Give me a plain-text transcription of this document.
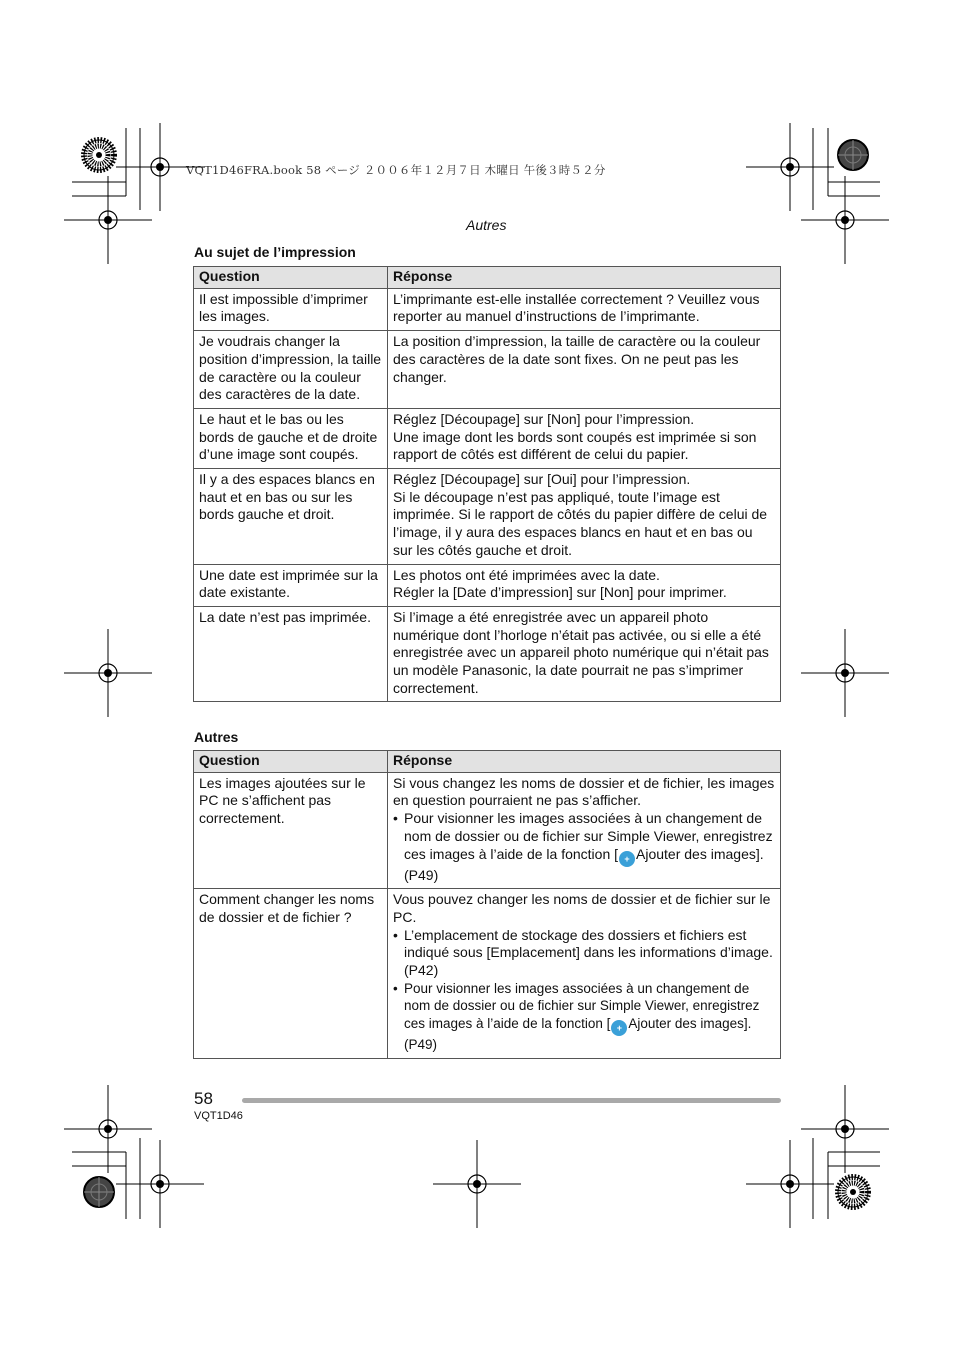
VQT1D46FRA.book 58 ページ ２００６年１２月７日 木曜日 午後３時５２分
Autres
Au sujet de l’impression
Question	Réponse
Il est impossible d’imprimer les images.	L’imprimante est-elle installée correctement ? Veuillez vous reporter au manuel d’instructions de l’imprimante.

Je voudrais changer la position d’impression, la taille de caractère ou la couleur des caractères de la date.	La position d’impression, la taille de caractère ou la couleur des caractères de la date sont fixes. On ne peut pas les changer.

Le haut et le bas ou les bords de gauche et de droite d’une image sont coupés.	Réglez [Découpage] sur [Non] pour l’impression.
Une image dont les bords sont coupés est imprimée si son rapport de côtés est différent de celui du papier.

Il y a des espaces blancs en haut et en bas ou sur les bords gauche et droit.	Réglez [Découpage] sur [Oui] pour l’impression.
Si le découpage n’est pas appliqué, toute l’image est imprimée. Si le rapport de côtés du papier diffère de celui de l’image, il y aura des espaces blancs en haut et en bas ou sur les côtés gauche et droit.

Une date est imprimée sur la date existante.	Les photos ont été imprimées avec la date.
Régler la [Date d’impression] sur [Non] pour imprimer.

La date n’est pas imprimée.	Si l’image a été enregistrée avec un appareil photo numérique dont l’horloge n’était pas activée, ou si elle a été enregistrée avec un appareil photo numérique qui n’était pas un modèle Panasonic, la date pourrait ne pas s’imprimer correctement.
Autres
Question	Réponse
Les images ajoutées sur le PC ne s’affichent pas correctement.	Si vous changez les noms de dossier et de fichier, les images en question pourraient ne pas s’afficher.
• Pour visionner les images associées à un changement de nom de dossier ou de fichier sur Simple Viewer, enregistrez ces images à l’aide de la fonction [ + Ajouter des images]. (P49)

Comment changer les noms de dossier et de fichier ?	Vous pouvez changer les noms de dossier et de fichier sur le PC.
• L’emplacement de stockage des dossiers et fichiers est indiqué sous [Emplacement] dans les informations d’image. (P42)
• Pour visionner les images associées à un changement de nom de dossier ou de fichier sur Simple Viewer, enregistrez ces images à l’aide de la fonction [ + Ajouter des images]. (P49)
58
VQT1D46
